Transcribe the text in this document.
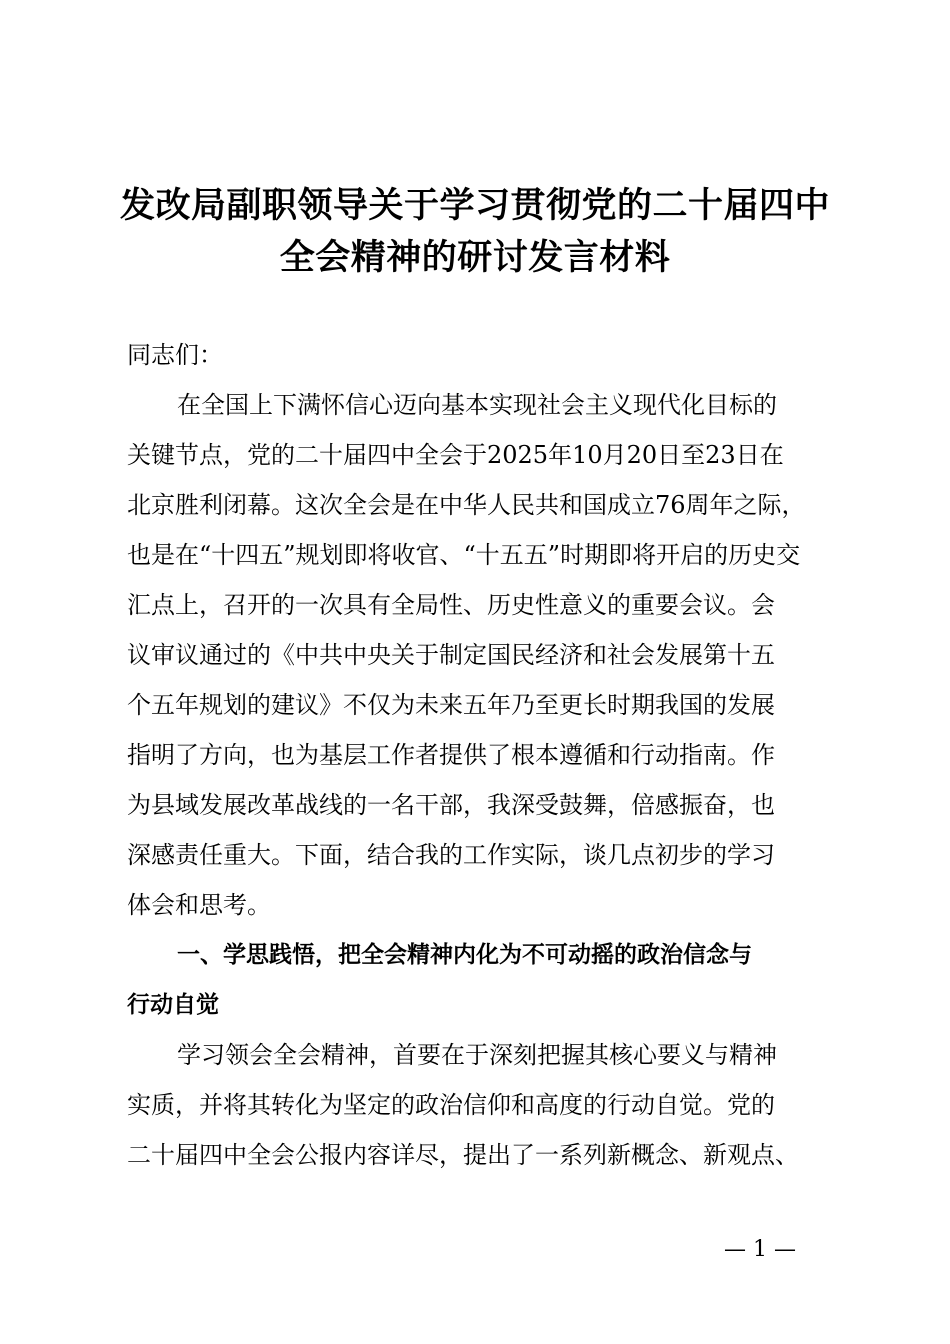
发改局副职领导关于学习贯彻党的二十届四中
全会精神的研讨发言材料
同志们：
在全国上下满怀信心迈向基本实现社会主义现代化目标的
关键节点，党的二十届四中全会于2025年10月20日至23日在
北京胜利闭幕。这次全会是在中华人民共和国成立76周年之际，
也是在“十四五”规划即将收官、“十五五”时期即将开启的历史交
汇点上，召开的一次具有全局性、历史性意义的重要会议。会
议审议通过的《中共中央关于制定国民经济和社会发展第十五
个五年规划的建议》不仅为未来五年乃至更长时期我国的发展
指明了方向，也为基层工作者提供了根本遵循和行动指南。作
为县域发展改革战线的一名干部，我深受鼓舞，倍感振奋，也
深感责任重大。下面，结合我的工作实际，谈几点初步的学习
体会和思考。
一、学思践悟，把全会精神内化为不可动摇的政治信念与
行动自觉
学习领会全会精神，首要在于深刻把握其核心要义与精神
实质，并将其转化为坚定的政治信仰和高度的行动自觉。党的
二十届四中全会公报内容详尽，提出了一系列新概念、新观点、
— 1 —
